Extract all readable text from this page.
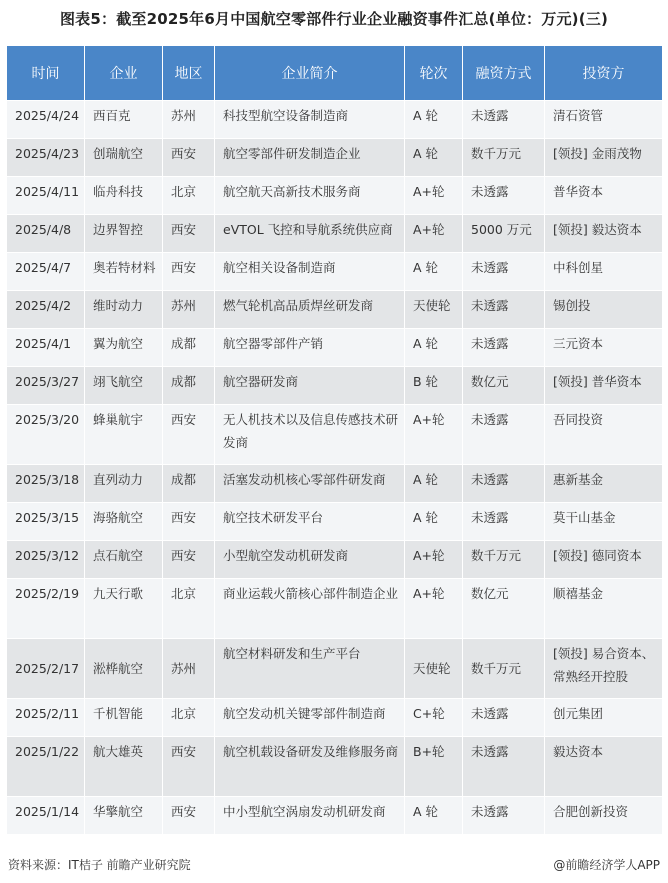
图表5：截至2025年6月中国航空零部件行业企业融资事件汇总(单位：万元)(三)
时间	企业	地区	企业简介	轮次	融资方式	投资方
2025/4/24	西百克	苏州	科技型航空设备制造商	A 轮	未透露	清石资管
2025/4/23	创瑞航空	西安	航空零部件研发制造企业	A 轮	数千万元	[领投] 金雨茂物
2025/4/11	临舟科技	北京	航空航天高新技术服务商	A+轮	未透露	普华资本
2025/4/8	边界智控	西安	eVTOL 飞控和导航系统供应商	A+轮	5000 万元	[领投] 毅达资本
2025/4/7	奥若特材料	西安	航空相关设备制造商	A 轮	未透露	中科创星
2025/4/2	维时动力	苏州	燃气轮机高品质焊丝研发商	天使轮	未透露	锡创投
2025/4/1	翼为航空	成都	航空器零部件产销	A 轮	未透露	三元资本
2025/3/27	翊飞航空	成都	航空器研发商	B 轮	数亿元	[领投] 普华资本
2025/3/20	蜂巢航宇	西安	无人机技术以及信息传感技术研发商	A+轮	未透露	吾同投资
2025/3/18	直列动力	成都	活塞发动机核心零部件研发商	A 轮	未透露	惠新基金
2025/3/15	海骆航空	西安	航空技术研发平台	A 轮	未透露	莫干山基金
2025/3/12	点石航空	西安	小型航空发动机研发商	A+轮	数千万元	[领投] 德同资本
2025/2/19	九天行歌	北京	商业运载火箭核心部件制造企业	A+轮	数亿元	顺禧基金
2025/2/17	淞桦航空	苏州	航空材料研发和生产平台	天使轮	数千万元	[领投] 易合资本、常熟经开控股
2025/2/11	千机智能	北京	航空发动机关键零部件制造商	C+轮	未透露	创元集团
2025/1/22	航大雄英	西安	航空机载设备研发及维修服务商	B+轮	未透露	毅达资本
2025/1/14	华擎航空	西安	中小型航空涡扇发动机研发商	A 轮	未透露	合肥创新投资
资料来源：IT桔子 前瞻产业研究院	@前瞻经济学人APP
